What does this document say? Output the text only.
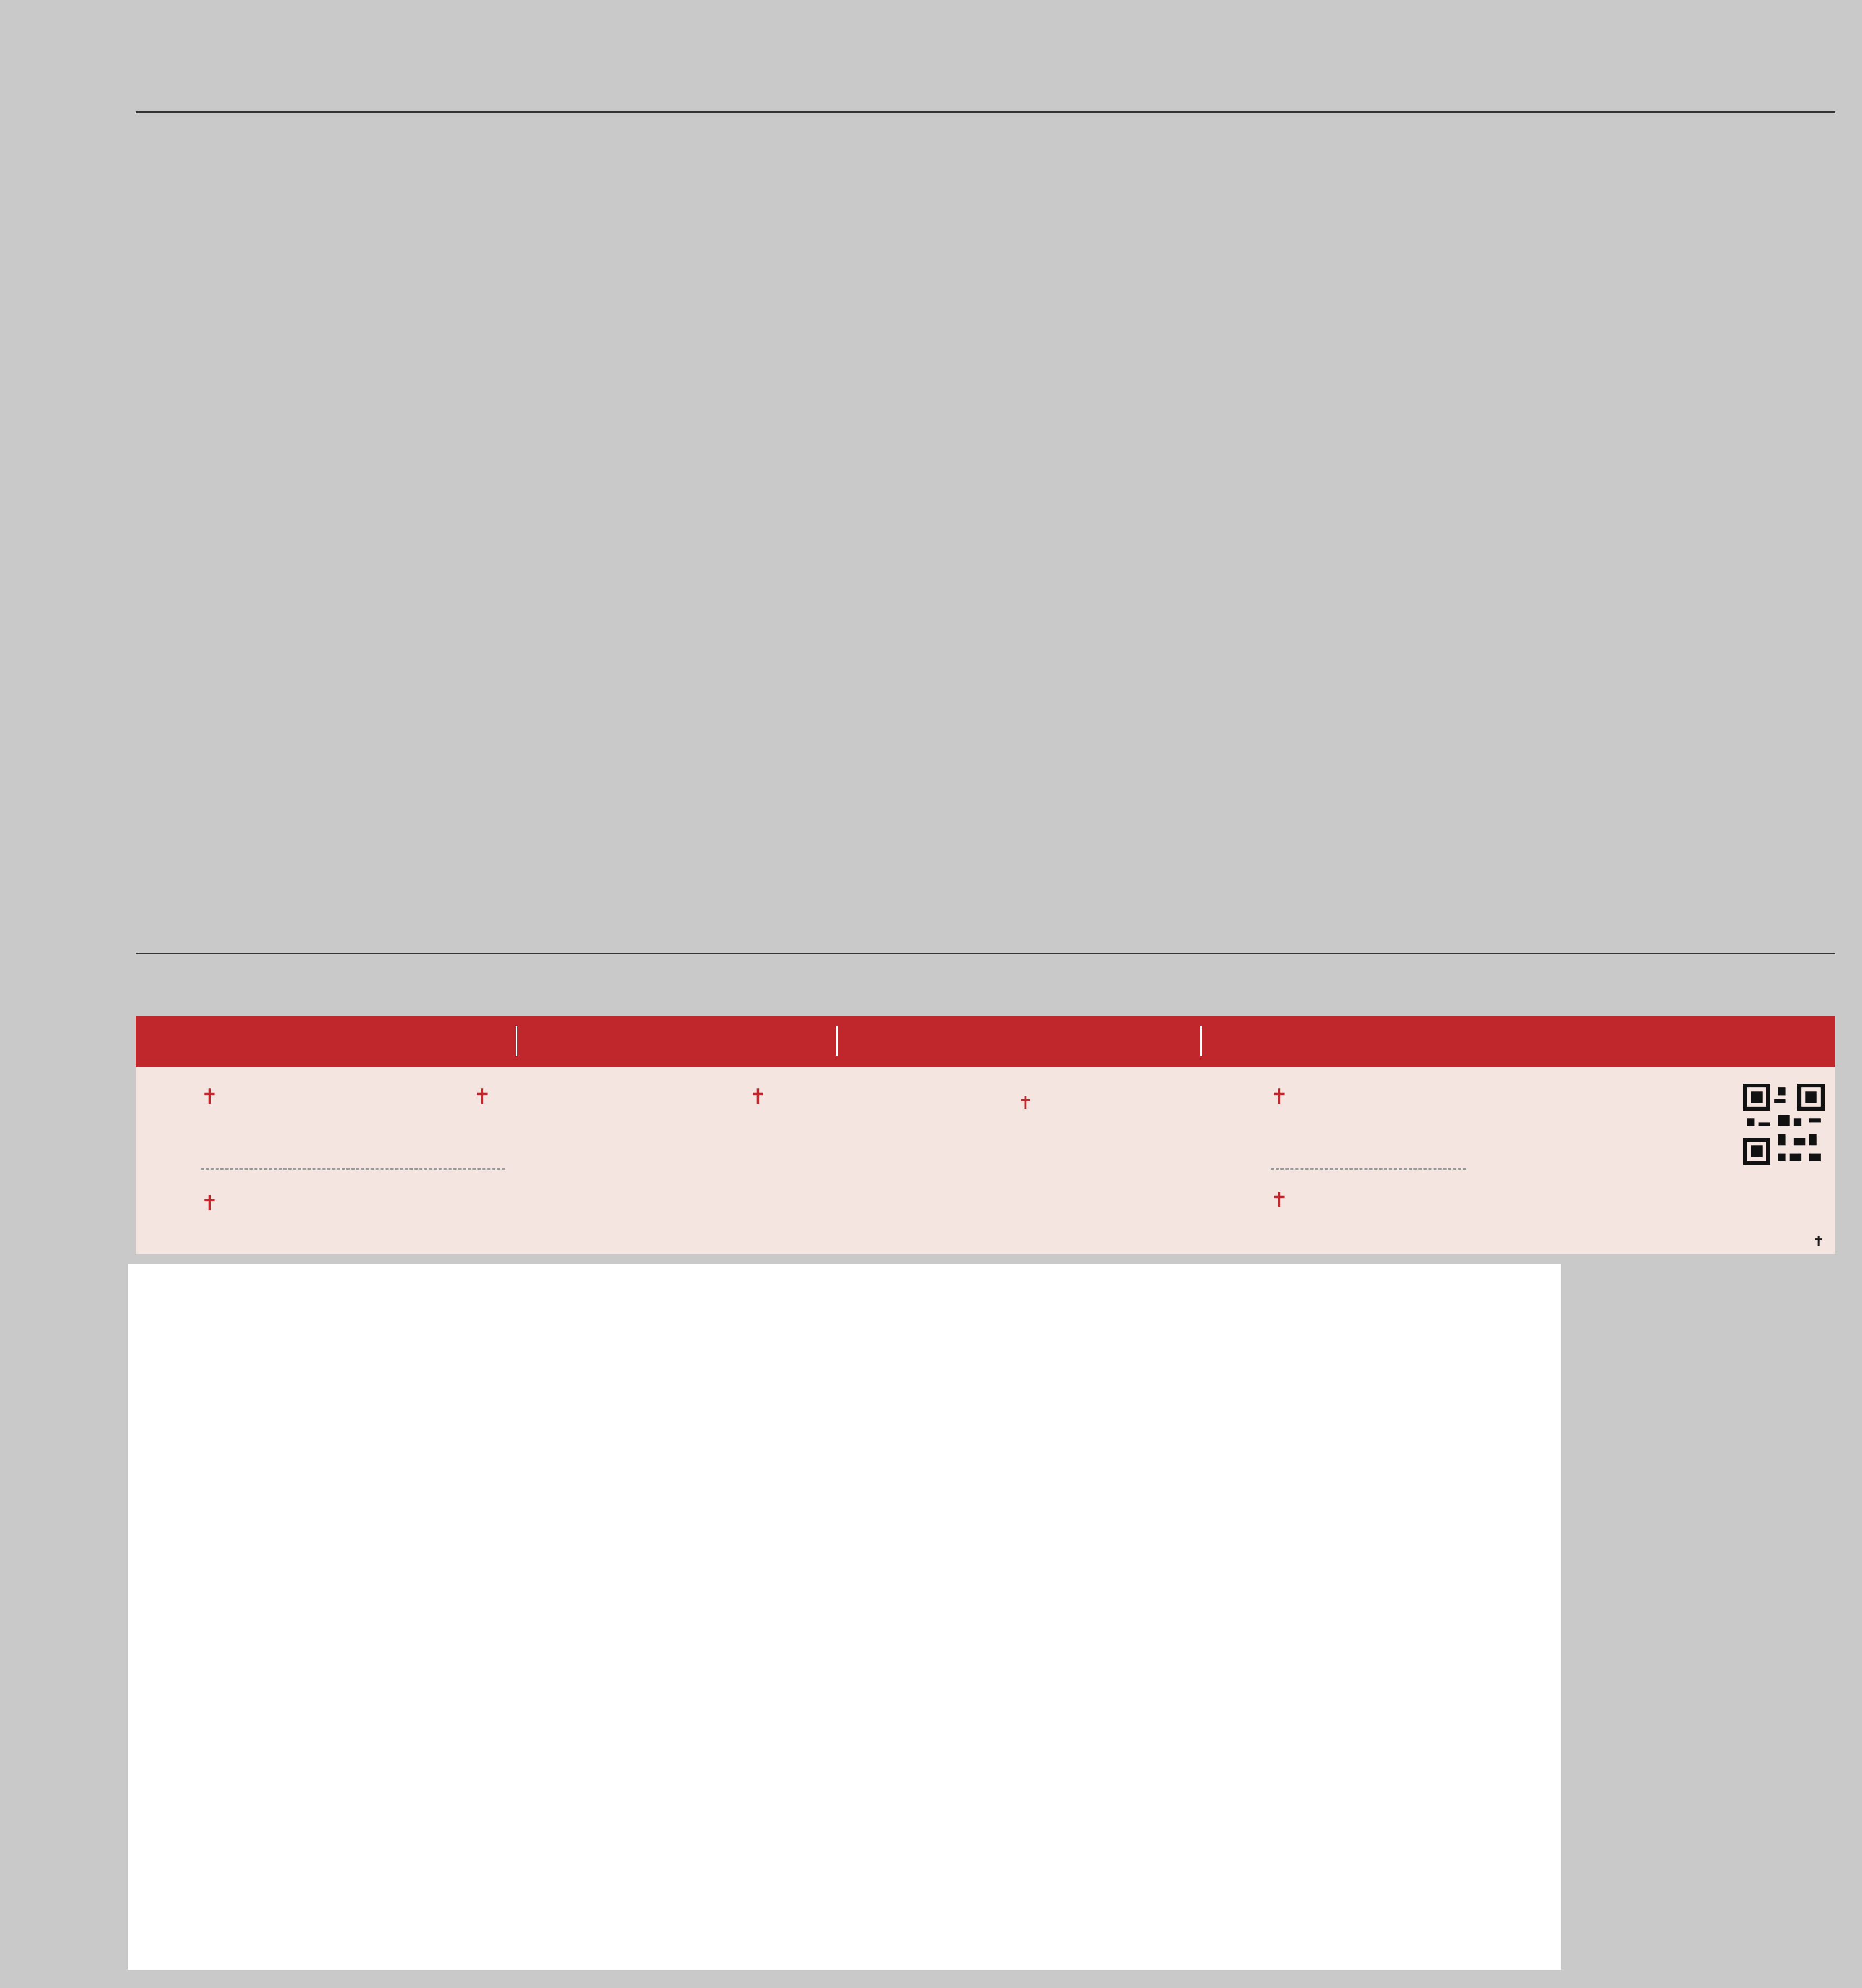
✝
✝
✝	✝	✝	✝
✝
✝
